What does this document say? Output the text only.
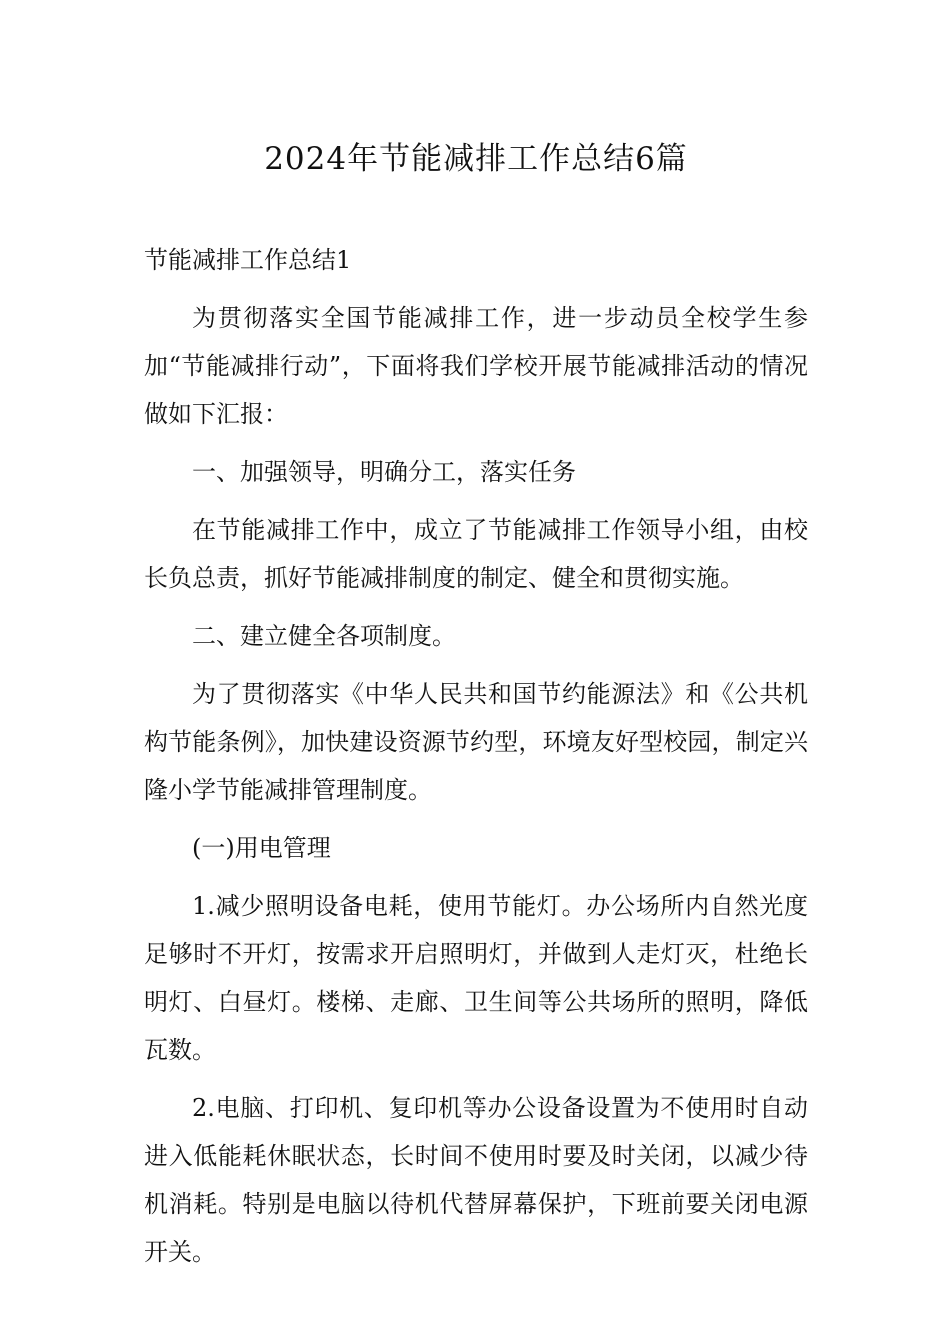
2024年节能减排工作总结6篇
节能减排工作总结1

为贯彻落实全国节能减排工作，进一步动员全校学生参加“节能减排行动”，下面将我们学校开展节能减排活动的情况做如下汇报：

一、加强领导，明确分工，落实任务

在节能减排工作中，成立了节能减排工作领导小组，由校长负总责，抓好节能减排制度的制定、健全和贯彻实施。

二、建立健全各项制度。

为了贯彻落实《中华人民共和国节约能源法》和《公共机构节能条例》，加快建设资源节约型，环境友好型校园，制定兴隆小学节能减排管理制度。

(一)用电管理

1.减少照明设备电耗，使用节能灯。办公场所内自然光度足够时不开灯，按需求开启照明灯，并做到人走灯灭，杜绝长明灯、白昼灯。楼梯、走廊、卫生间等公共场所的照明，降低瓦数。

2.电脑、打印机、复印机等办公设备设置为不使用时自动进入低能耗休眠状态，长时间不使用时要及时关闭，以减少待机消耗。特别是电脑以待机代替屏幕保护，下班前要关闭电源开关。
